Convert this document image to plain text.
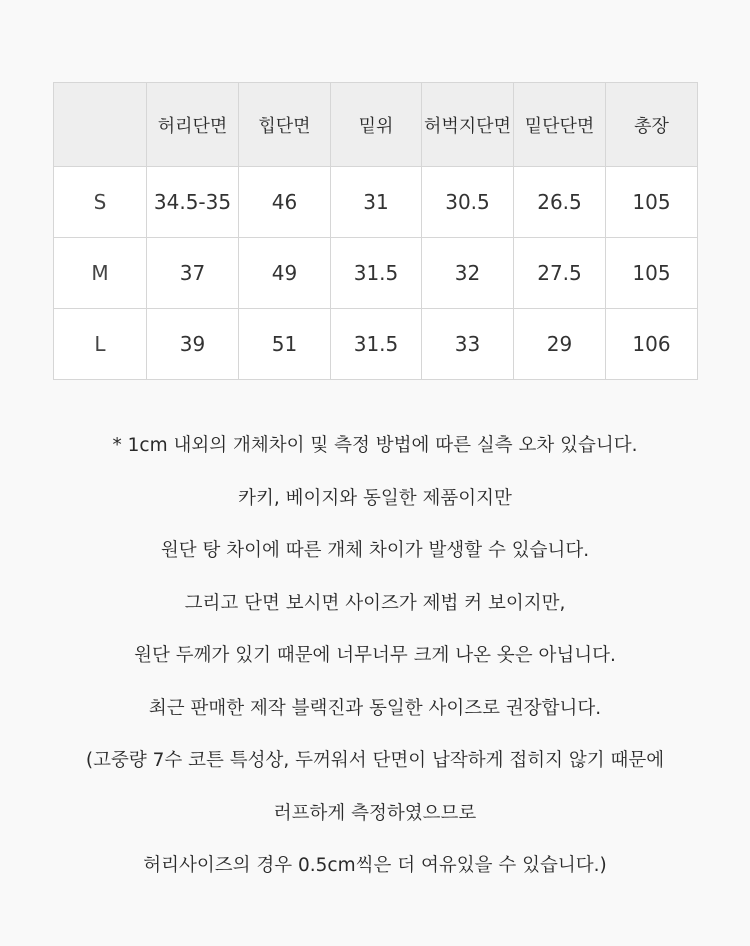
	허리단면	힙단면	밑위	허벅지단면	밑단단면	총장
S	34.5-35	46	31	30.5	26.5	105
M	37	49	31.5	32	27.5	105
L	39	51	31.5	33	29	106
* 1cm 내외의 개체차이 및 측정 방법에 따른 실측 오차 있습니다.
카키, 베이지와 동일한 제품이지만
원단 탕 차이에 따른 개체 차이가 발생할 수 있습니다.
그리고 단면 보시면 사이즈가 제법 커 보이지만,
원단 두께가 있기 때문에 너무너무 크게 나온 옷은 아닙니다.
최근 판매한 제작 블랙진과 동일한 사이즈로 권장합니다.
(고중량 7수 코튼 특성상, 두꺼워서 단면이 납작하게 접히지 않기 때문에
러프하게 측정하였으므로
허리사이즈의 경우 0.5cm씩은 더 여유있을 수 있습니다.)
